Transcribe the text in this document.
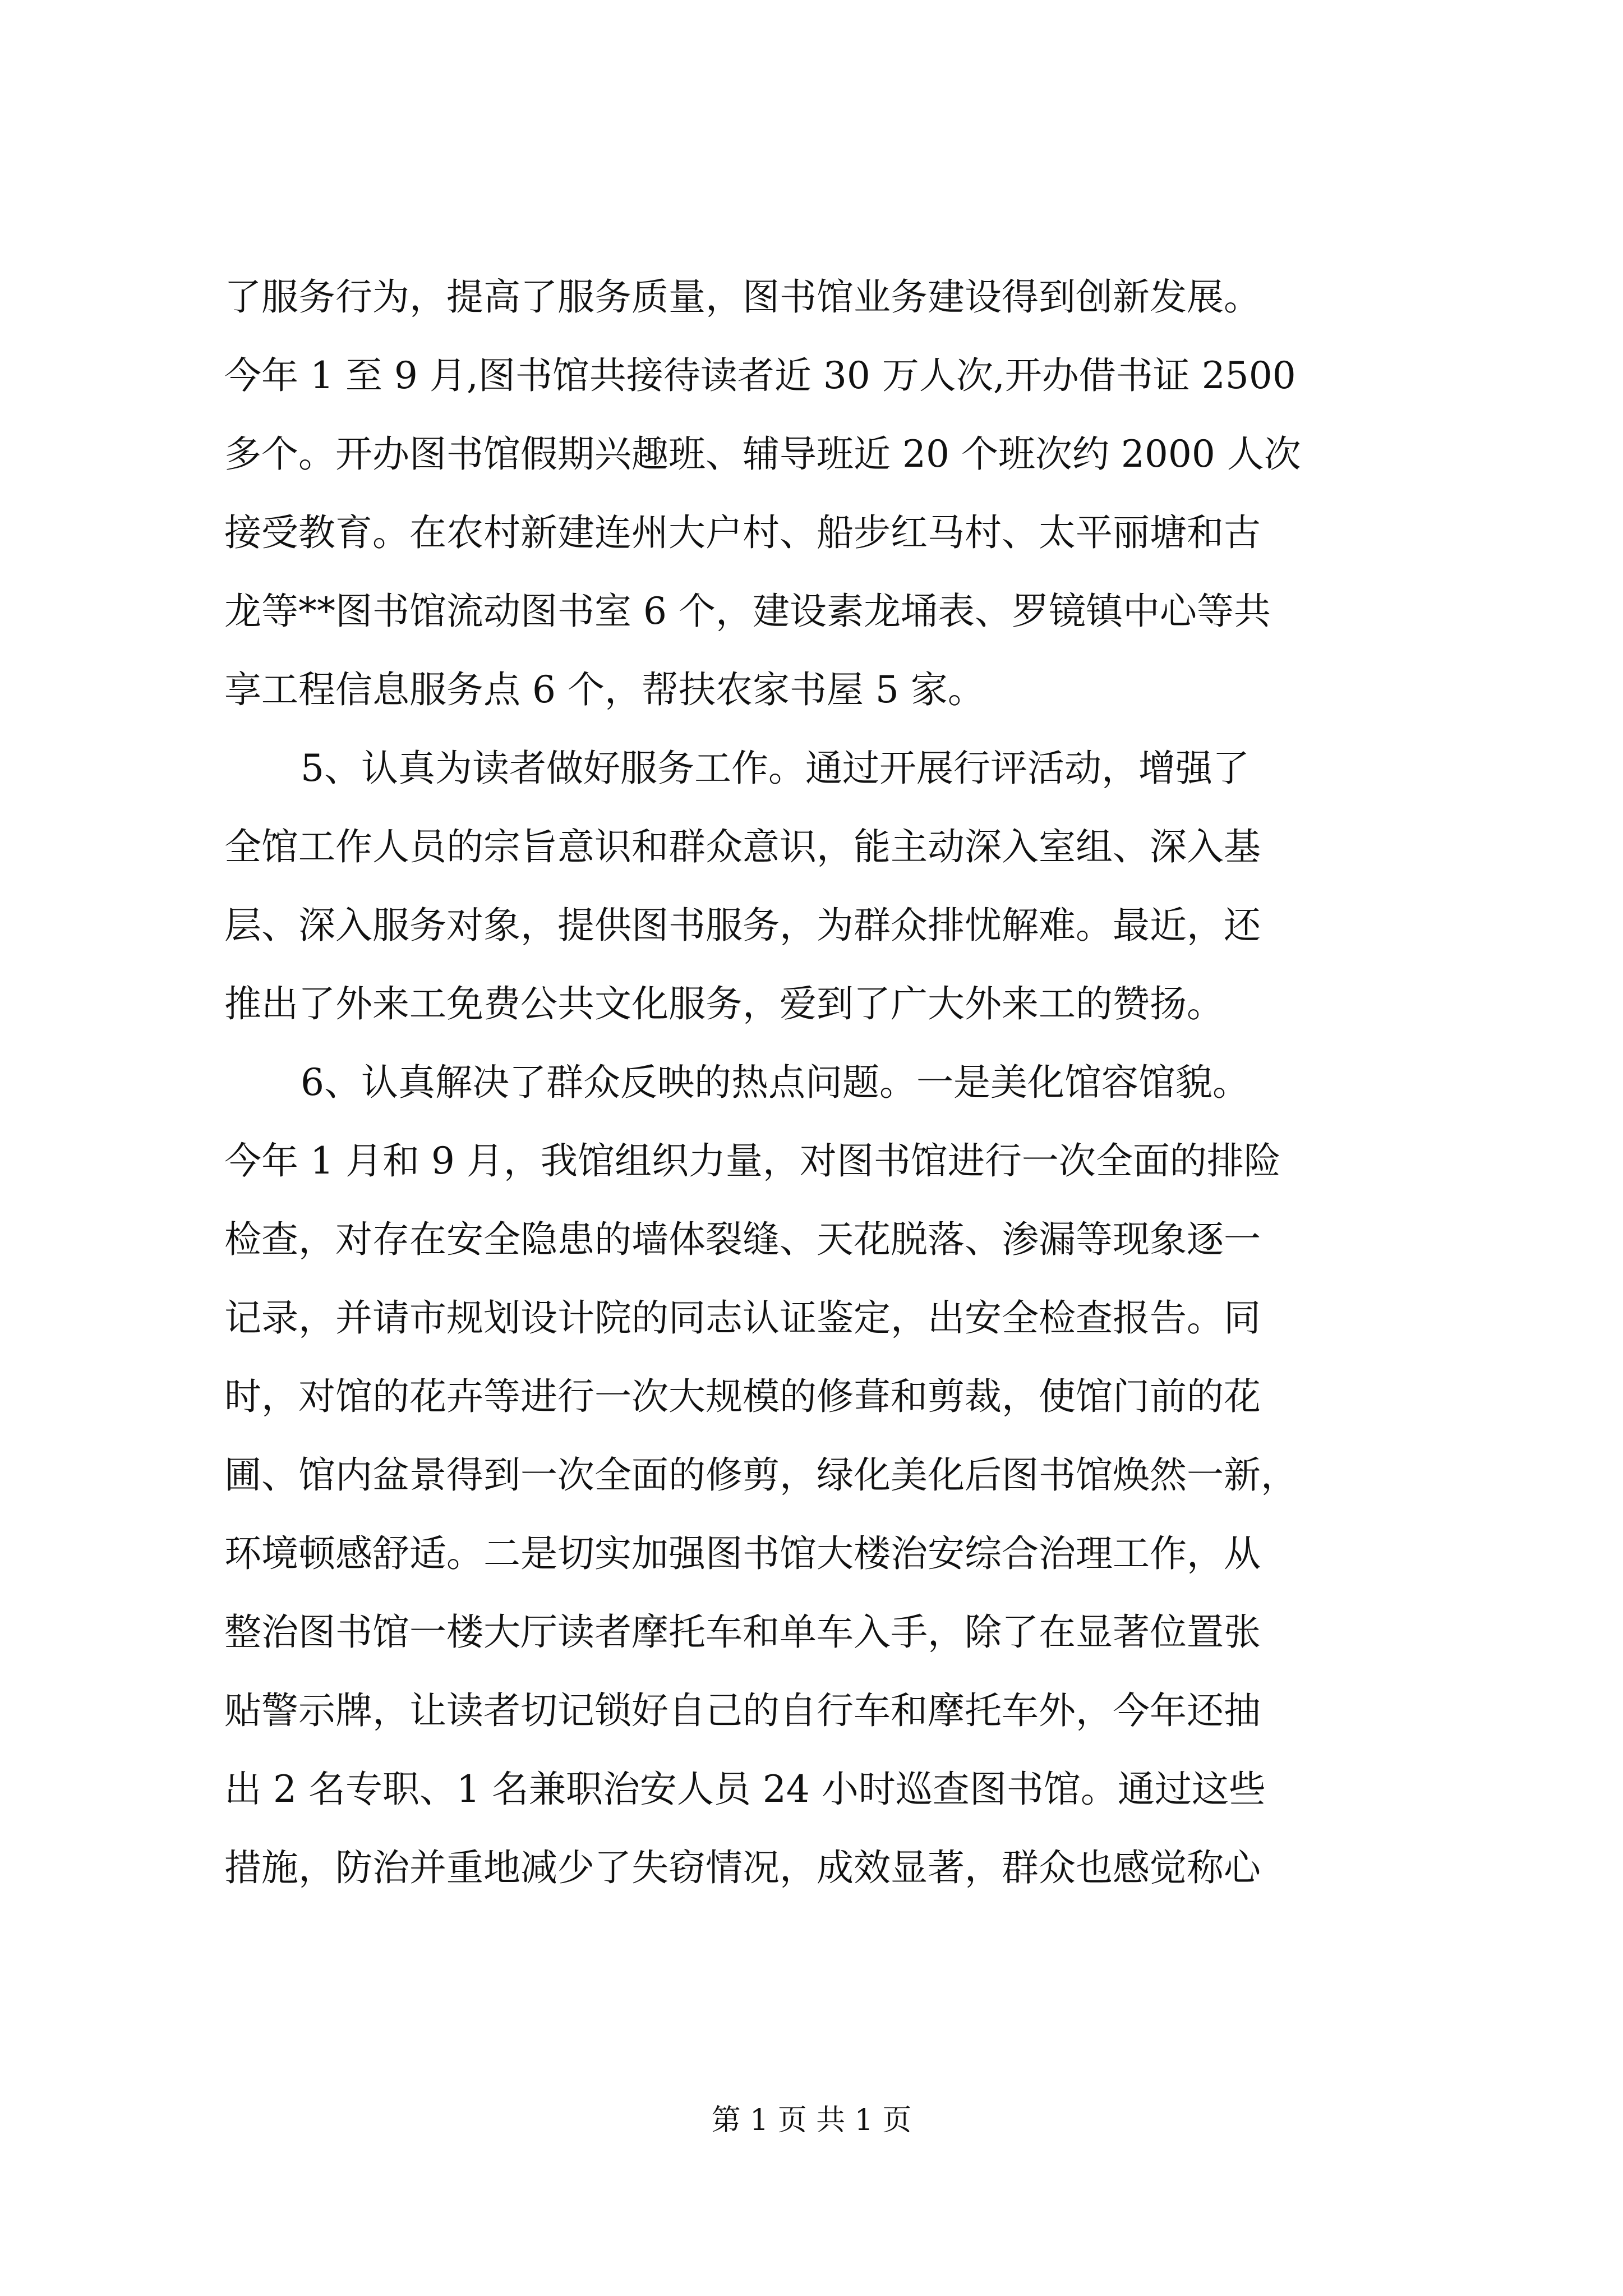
了服务行为，提高了服务质量，图书馆业务建设得到创新发展。
今年 1 至 9 月,图书馆共接待读者近 30 万人次,开办借书证 2500
多个。开办图书馆假期兴趣班、辅导班近 20 个班次约 2000 人次
接受教育。在农村新建连州大户村、船步红马村、太平丽塘和古
龙等**图书馆流动图书室 6 个，建设素龙埇表、罗镜镇中心等共
享工程信息服务点 6 个，帮扶农家书屋 5 家。
5、认真为读者做好服务工作。通过开展行评活动，增强了
全馆工作人员的宗旨意识和群众意识，能主动深入室组、深入基
层、深入服务对象，提供图书服务，为群众排忧解难。最近，还
推出了外来工免费公共文化服务，爱到了广大外来工的赞扬。
6、认真解决了群众反映的热点问题。一是美化馆容馆貌。
今年 1 月和 9 月，我馆组织力量，对图书馆进行一次全面的排险
检查，对存在安全隐患的墙体裂缝、天花脱落、渗漏等现象逐一
记录，并请市规划设计院的同志认证鉴定，出安全检查报告。同
时，对馆的花卉等进行一次大规模的修葺和剪裁，使馆门前的花
圃、馆内盆景得到一次全面的修剪，绿化美化后图书馆焕然一新，
环境顿感舒适。二是切实加强图书馆大楼治安综合治理工作，从
整治图书馆一楼大厅读者摩托车和单车入手，除了在显著位置张
贴警示牌，让读者切记锁好自己的自行车和摩托车外，今年还抽
出 2 名专职、1 名兼职治安人员 24 小时巡查图书馆。通过这些
措施，防治并重地减少了失窃情况，成效显著，群众也感觉称心
第 1 页 共 1 页
